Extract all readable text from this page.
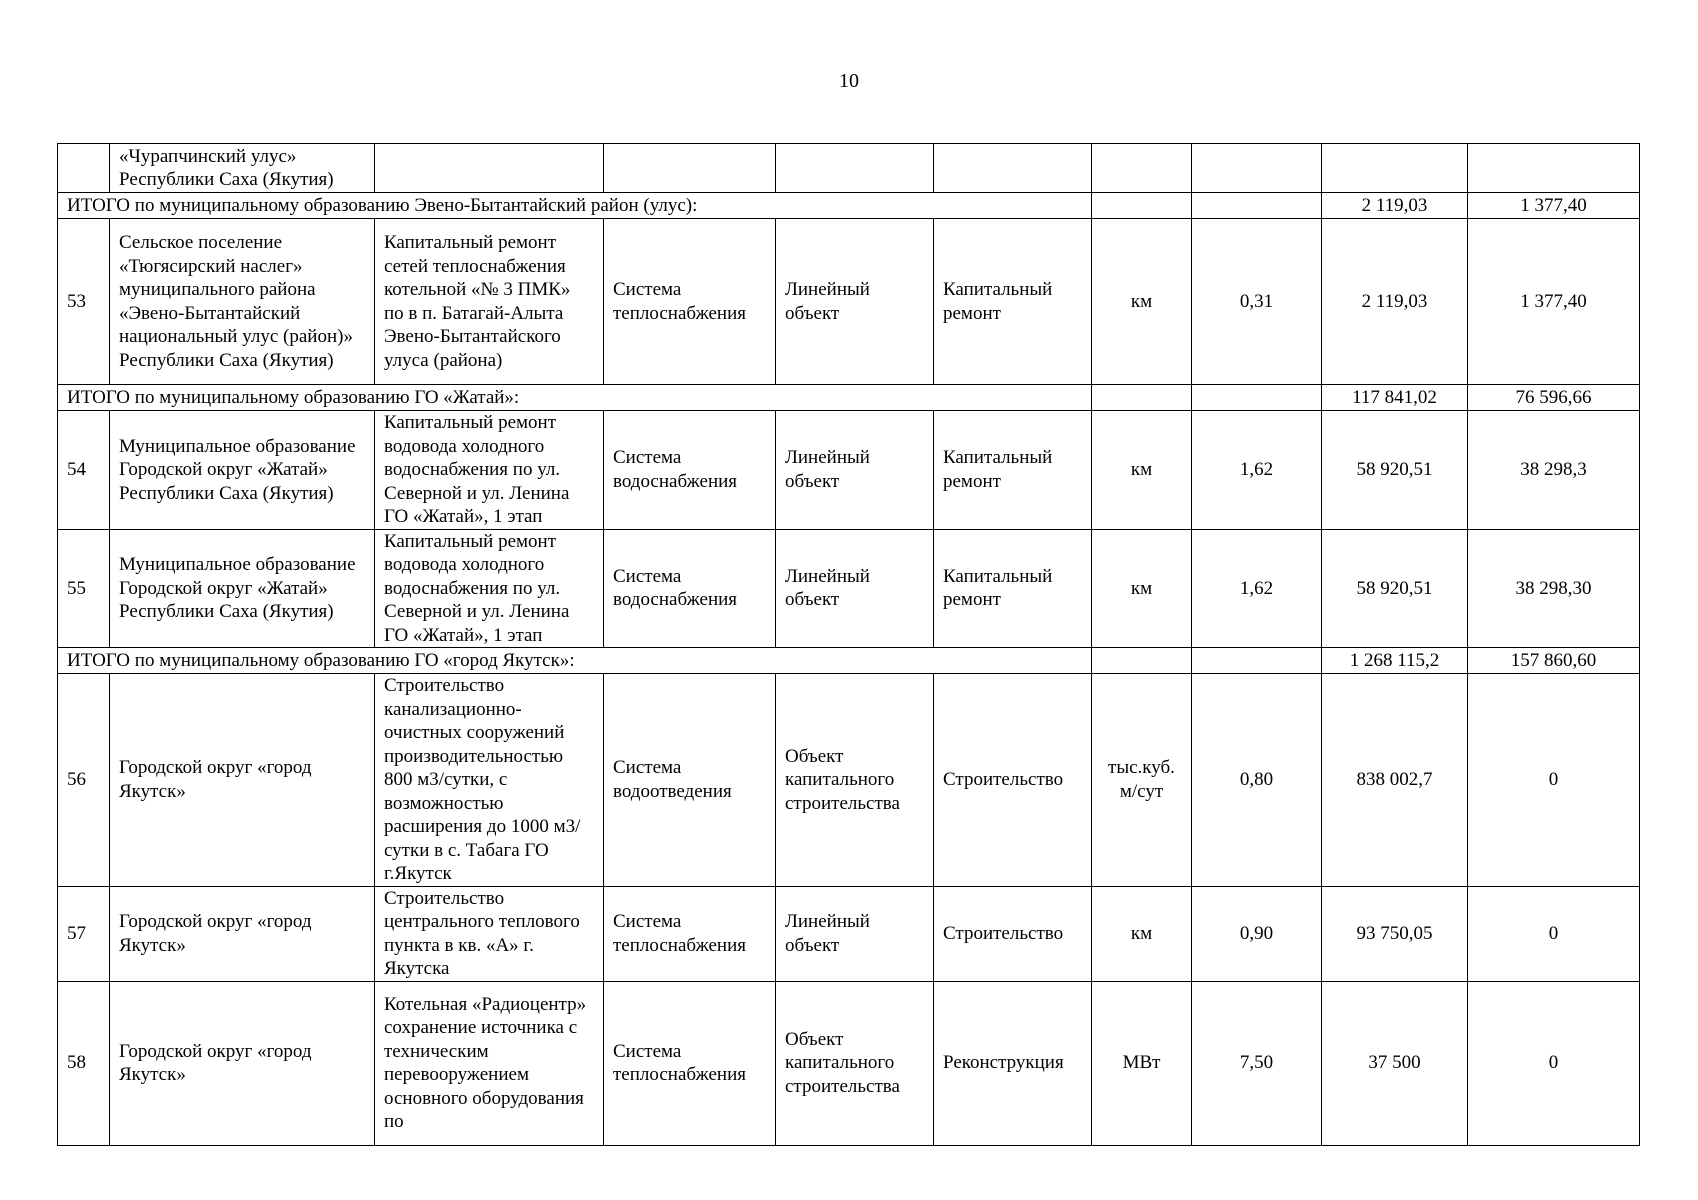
10
	«Чурапчинский улус» Республики Саха (Якутия)								
ИТОГО по муниципальному образованию Эвено-Бытантайский район (улус):								2 119,03	1 377,40
53	Сельское поселение «Тюгясирский наслег» муниципального района «Эвено-Бытантайский национальный улус (район)» Республики Саха (Якутия)	Капитальный ремонт сетей теплоснабжения котельной «№ 3 ПМК» по в п. Батагай-Алыта Эвено-Бытантайского улуса (района)	Система теплоснабжения	Линейный объект	Капитальный ремонт	км	0,31	2 119,03	1 377,40
ИТОГО по муниципальному образованию ГО «Жатай»:								117 841,02	76 596,66
54	Муниципальное образование Городской округ «Жатай» Республики Саха (Якутия)	Капитальный ремонт водовода холодного водоснабжения по ул. Северной и ул. Ленина ГО «Жатай», 1 этап	Система водоснабжения	Линейный объект	Капитальный ремонт	км	1,62	58 920,51	38 298,3
55	Муниципальное образование Городской округ «Жатай» Республики Саха (Якутия)	Капитальный ремонт водовода холодного водоснабжения по ул. Северной и ул. Ленина ГО «Жатай», 1 этап	Система водоснабжения	Линейный объект	Капитальный ремонт	км	1,62	58 920,51	38 298,30
ИТОГО по муниципальному образованию ГО «город Якутск»:								1 268 115,2	157 860,60
56	Городской округ «город Якутск»	Строительство канализационно-очистных сооружений производительностью 800 м3/сутки, с возможностью расширения до 1000 м3/сутки в с. Табага ГО г.Якутск	Система водоотведения	Объект капитального строительства	Строительство	тыс.куб. м/сут	0,80	838 002,7	0
57	Городской округ «город Якутск»	Строительство центрального теплового пункта в кв. «А» г. Якутска	Система теплоснабжения	Линейный объект	Строительство	км	0,90	93 750,05	0
58	Городской округ «город Якутск»	Котельная «Радиоцентр» сохранение источника с техническим перевооружением основного оборудования по	Система теплоснабжения	Объект капитального строительства	Реконструкция	МВт	7,50	37 500	0
